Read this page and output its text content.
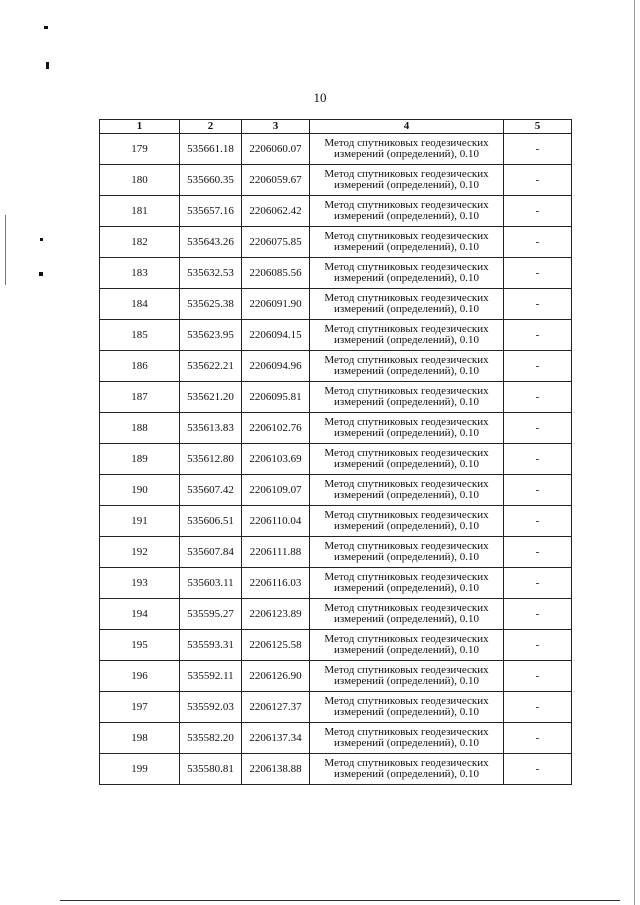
10
1	2	3	4	5
179	535661.18	2206060.07	Метод спутниковых геодезических
измерений (определений), 0.10	-
180	535660.35	2206059.67	Метод спутниковых геодезических
измерений (определений), 0.10	-
181	535657.16	2206062.42	Метод спутниковых геодезических
измерений (определений), 0.10	-
182	535643.26	2206075.85	Метод спутниковых геодезических
измерений (определений), 0.10	-
183	535632.53	2206085.56	Метод спутниковых геодезических
измерений (определений), 0.10	-
184	535625.38	2206091.90	Метод спутниковых геодезических
измерений (определений), 0.10	-
185	535623.95	2206094.15	Метод спутниковых геодезических
измерений (определений), 0.10	-
186	535622.21	2206094.96	Метод спутниковых геодезических
измерений (определений), 0.10	-
187	535621.20	2206095.81	Метод спутниковых геодезических
измерений (определений), 0.10	-
188	535613.83	2206102.76	Метод спутниковых геодезических
измерений (определений), 0.10	-
189	535612.80	2206103.69	Метод спутниковых геодезических
измерений (определений), 0.10	-
190	535607.42	2206109.07	Метод спутниковых геодезических
измерений (определений), 0.10	-
191	535606.51	2206110.04	Метод спутниковых геодезических
измерений (определений), 0.10	-
192	535607.84	2206111.88	Метод спутниковых геодезических
измерений (определений), 0.10	-
193	535603.11	2206116.03	Метод спутниковых геодезических
измерений (определений), 0.10	-
194	535595.27	2206123.89	Метод спутниковых геодезических
измерений (определений), 0.10	-
195	535593.31	2206125.58	Метод спутниковых геодезических
измерений (определений), 0.10	-
196	535592.11	2206126.90	Метод спутниковых геодезических
измерений (определений), 0.10	-
197	535592.03	2206127.37	Метод спутниковых геодезических
измерений (определений), 0.10	-
198	535582.20	2206137.34	Метод спутниковых геодезических
измерений (определений), 0.10	-
199	535580.81	2206138.88	Метод спутниковых геодезических
измерений (определений), 0.10	-
